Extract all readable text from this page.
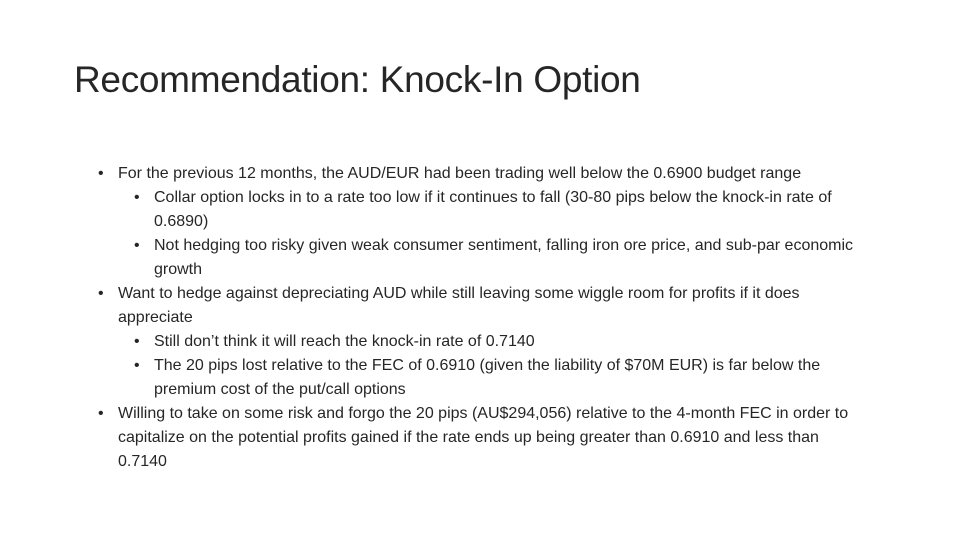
Recommendation: Knock-In Option
• For the previous 12 months, the AUD/EUR had been trading well below the 0.6900 budget range
• Collar option locks in to a rate too low if it continues to fall (30-80 pips below the knock-in rate of 0.6890)
• Not hedging too risky given weak consumer sentiment, falling iron ore price, and sub-par economic growth
• Want to hedge against depreciating AUD while still leaving some wiggle room for profits if it does appreciate
• Still don’t think it will reach the knock-in rate of 0.7140
• The 20 pips lost relative to the FEC of 0.6910 (given the liability of $70M EUR) is far below the premium cost of the put/call options
• Willing to take on some risk and forgo the 20 pips (AU$294,056) relative to the 4-month FEC in order to capitalize on the potential profits gained if the rate ends up being greater than 0.6910 and less than 0.7140
